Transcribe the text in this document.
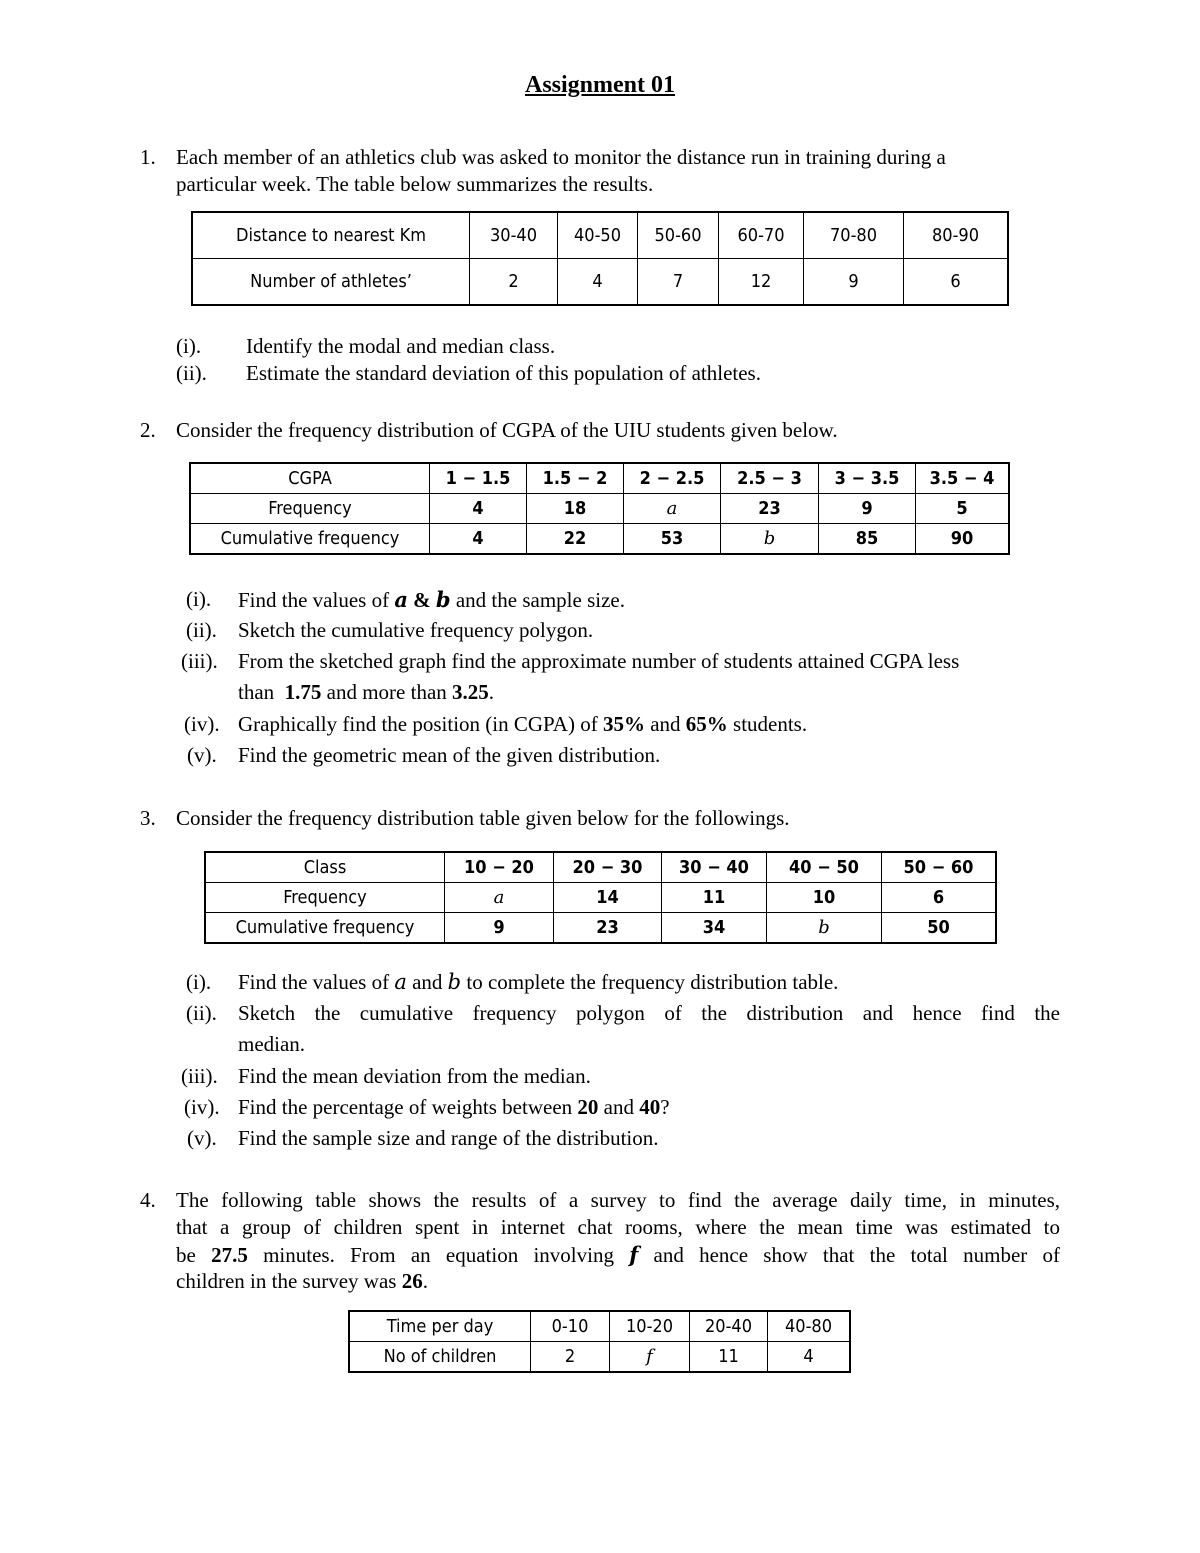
Assignment 01
1. Each member of an athletics club was asked to monitor the distance run in training during a
particular week. The table below summarizes the results.
Distance to nearest Km	30-40	40-50	50-60	60-70	70-80	80-90
Number of athletes’	2	4	7	12	9	6
(i). Identify the modal and median class.
(ii). Estimate the standard deviation of this population of athletes.
2. Consider the frequency distribution of CGPA of the UIU students given below.
CGPA	1 − 1.5	1.5 − 2	2 − 2.5	2.5 − 3	3 − 3.5	3.5 − 4
Frequency	4	18	a	23	9	5
Cumulative frequency	4	22	53	b	85	90
(i). Find the values of a & b and the sample size.
(ii). Sketch the cumulative frequency polygon.
(iii). From the sketched graph find the approximate number of students attained CGPA less
than  1.75 and more than 3.25.
(iv). Graphically find the position (in CGPA) of 35% and 65% students.
(v). Find the geometric mean of the given distribution.
3. Consider the frequency distribution table given below for the followings.
Class	10 − 20	20 − 30	30 − 40	40 − 50	50 − 60
Frequency	a	14	11	10	6
Cumulative frequency	9	23	34	b	50
(i). Find the values of a and b to complete the frequency distribution table.
(ii). Sketch the cumulative frequency polygon of the distribution and hence find the
median.
(iii). Find the mean deviation from the median.
(iv). Find the percentage of weights between 20 and 40?
(v). Find the sample size and range of the distribution.
4. The following table shows the results of a survey to find the average daily time, in minutes,
that a group of children spent in internet chat rooms, where the mean time was estimated to
be 27.5 minutes. From an equation involving f and hence show that the total number of
children in the survey was 26.
Time per day	0-10	10-20	20-40	40-80
No of children	2	f	11	4
